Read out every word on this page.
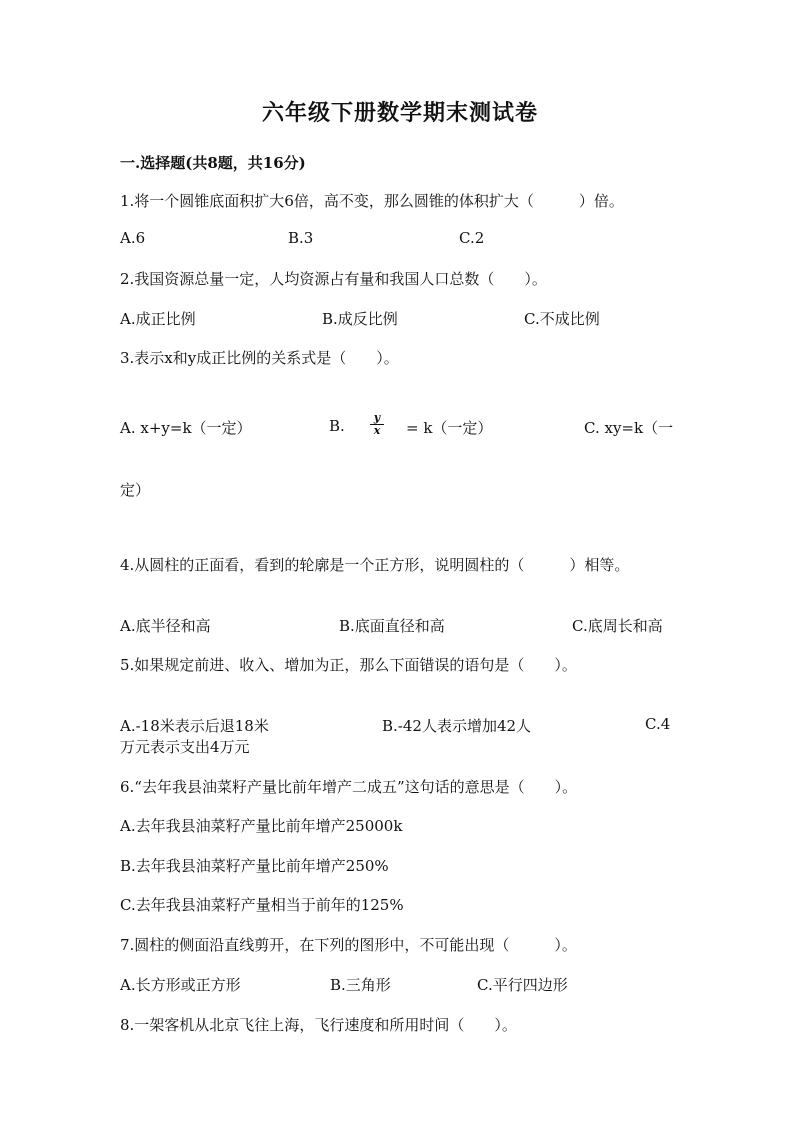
六年级下册数学期末测试卷
一.选择题(共8题，共16分)
1.将一个圆锥底面积扩大6倍，高不变，那么圆锥的体积扩大（　　　）倍。
A.6	B.3	C.2
2.我国资源总量一定，人均资源占有量和我国人口总数（　　）。
A.成正比例	B.成反比例	C.不成比例
3.表示x和y成正比例的关系式是（　　）。
A. x+y=k（一定）	B. $\frac{y}{x} = k$（一定）	C. xy=k（一
定）
4.从圆柱的正面看，看到的轮廓是一个正方形，说明圆柱的（　　　）相等。
A.底半径和高	B.底面直径和高	C.底周长和高
5.如果规定前进、收入、增加为正，那么下面错误的语句是（　　）。
A.-18米表示后退18米	B.-42人表示增加42人	C.4
万元表示支出4万元
6.“去年我县油菜籽产量比前年增产二成五”这句话的意思是（　　）。
A.去年我县油菜籽产量比前年增产25000k
B.去年我县油菜籽产量比前年增产250%
C.去年我县油菜籽产量相当于前年的125%
7.圆柱的侧面沿直线剪开，在下列的图形中，不可能出现（　　　）。
A.长方形或正方形	B.三角形	C.平行四边形
8.一架客机从北京飞往上海，飞行速度和所用时间（　　）。
